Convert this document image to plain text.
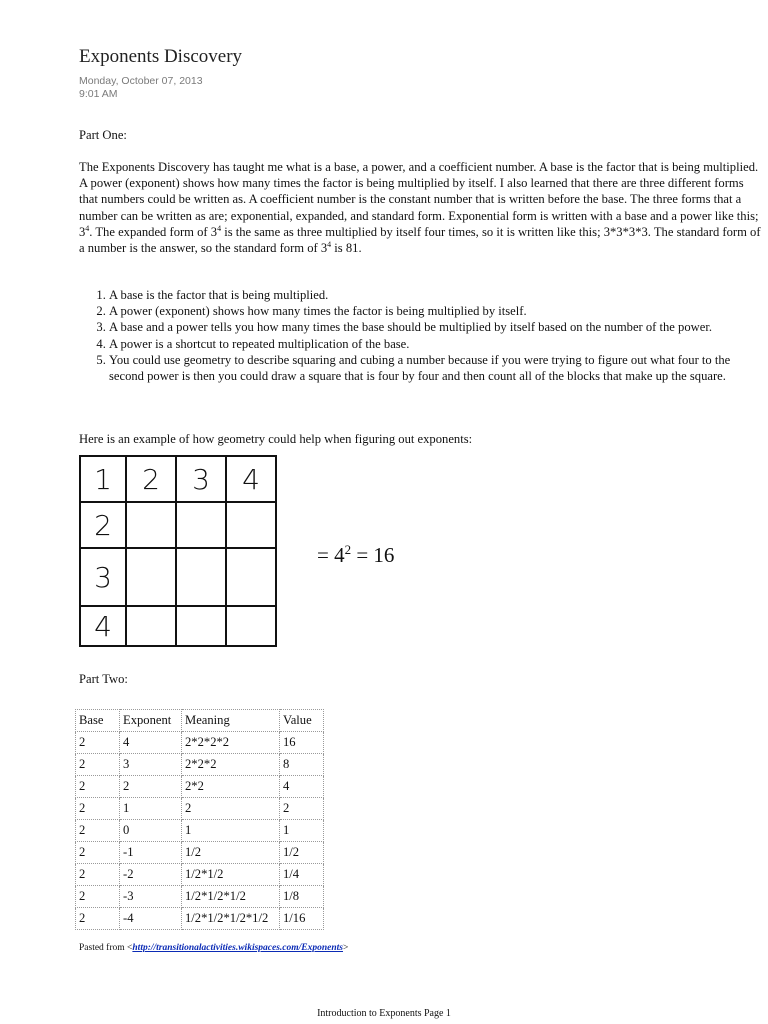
Exponents Discovery
Monday, October 07, 2013
9:01 AM
Part One:
The Exponents Discovery has taught me what is a base, a power, and a coefficient number. A base is the factor that is being multiplied. A power (exponent) shows how many times the factor is being multiplied by itself. I also learned that there are three different forms that numbers could be written as. A coefficient number is the constant number that is written before the base. The three forms that a number can be written as are; exponential, expanded, and standard form. Exponential form is written with a base and a power like this; $3^4$. The expanded form of $3^4$ is the same as three multiplied by itself four times, so it is written like this; 3*3*3*3. The standard form of a number is the answer, so the standard form of $3^4$ is 81.
1. A base is the factor that is being multiplied.
2. A power (exponent) shows how many times the factor is being multiplied by itself.
3. A base and a power tells you how many times the base should be multiplied by itself based on the number of the power.
4. A power is a shortcut to repeated multiplication of the base.
5. You could use geometry to describe squaring and cubing a number because if you were trying to figure out what four to the second power is then you could draw a square that is four by four and then count all of the blocks that make up the square.
Here is an example of how geometry could help when figuring out exponents:
1	2	3	4
2			
3			
4			
= $4^2 = 16$
Part Two:
Base	Exponent	Meaning	Value
2	4	2*2*2*2	16
2	3	2*2*2	8
2	2	2*2	4
2	1	2	2
2	0	1	1
2	-1	1/2	1/2
2	-2	1/2*1/2	1/4
2	-3	1/2*1/2*1/2	1/8
2	-4	1/2*1/2*1/2*1/2	1/16
Pasted from <http://transitionalactivities.wikispaces.com/Exponents>
Introduction to Exponents Page 1
